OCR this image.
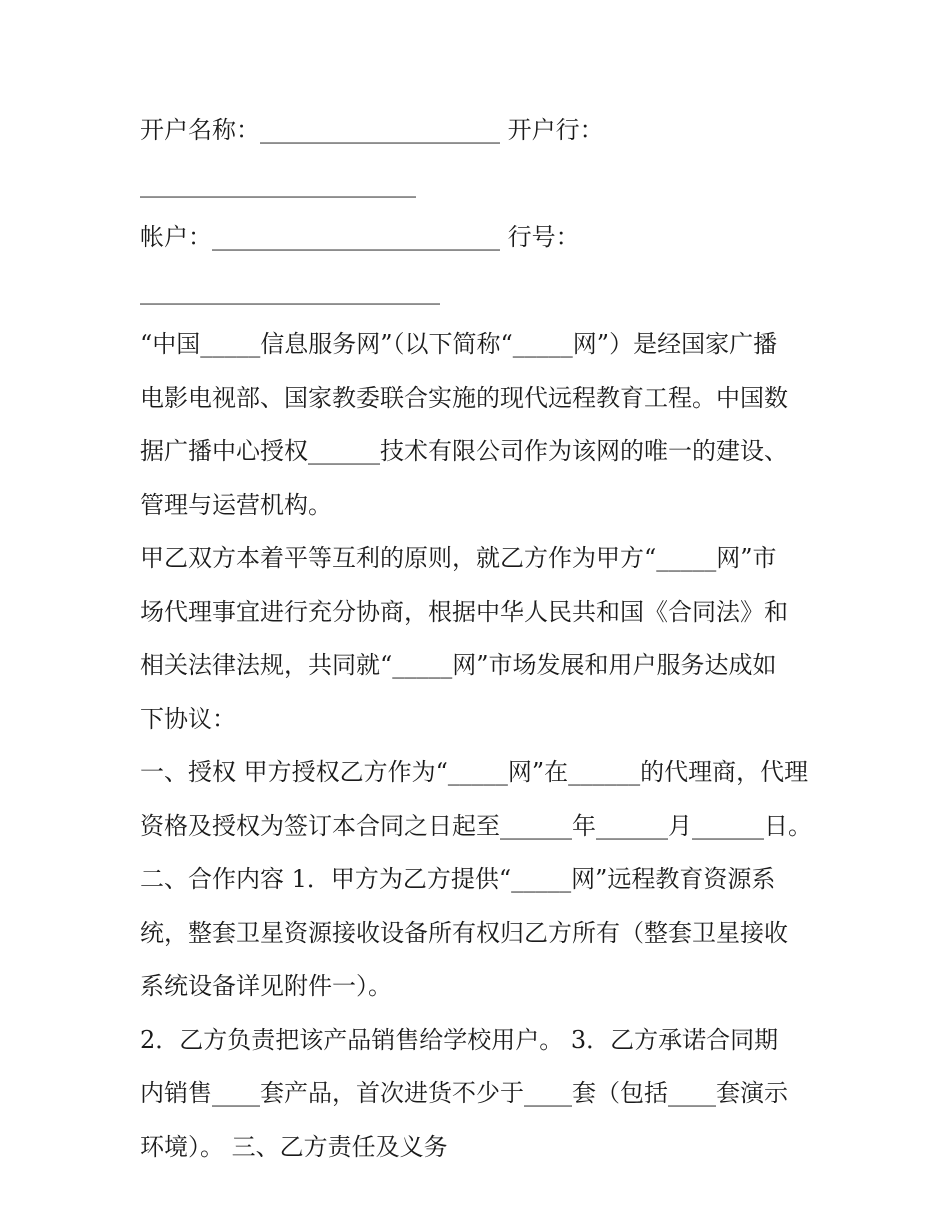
开户名称：____________________ 开户行：
_______________________
帐户：________________________ 行号：
_________________________
“中国_____信息服务网”（以下简称“_____网”）是经国家广播
电影电视部、国家教委联合实施的现代远程教育工程。中国数
据广播中心授权______技术有限公司作为该网的唯一的建设、
管理与运营机构。
甲乙双方本着平等互利的原则，就乙方作为甲方“_____网”市
场代理事宜进行充分协商，根据中华人民共和国《合同法》和
相关法律法规，共同就“_____网”市场发展和用户服务达成如
下协议：
一、授权 甲方授权乙方作为“_____网”在______的代理商，代理
资格及授权为签订本合同之日起至______年______月______日。
二、合作内容 1．甲方为乙方提供“_____网”远程教育资源系
统，整套卫星资源接收设备所有权归乙方所有（整套卫星接收
系统设备详见附件一）。
2．乙方负责把该产品销售给学校用户。 3．乙方承诺合同期
内销售____套产品，首次进货不少于____套（包括____套演示
环境）。 三、乙方责任及义务
